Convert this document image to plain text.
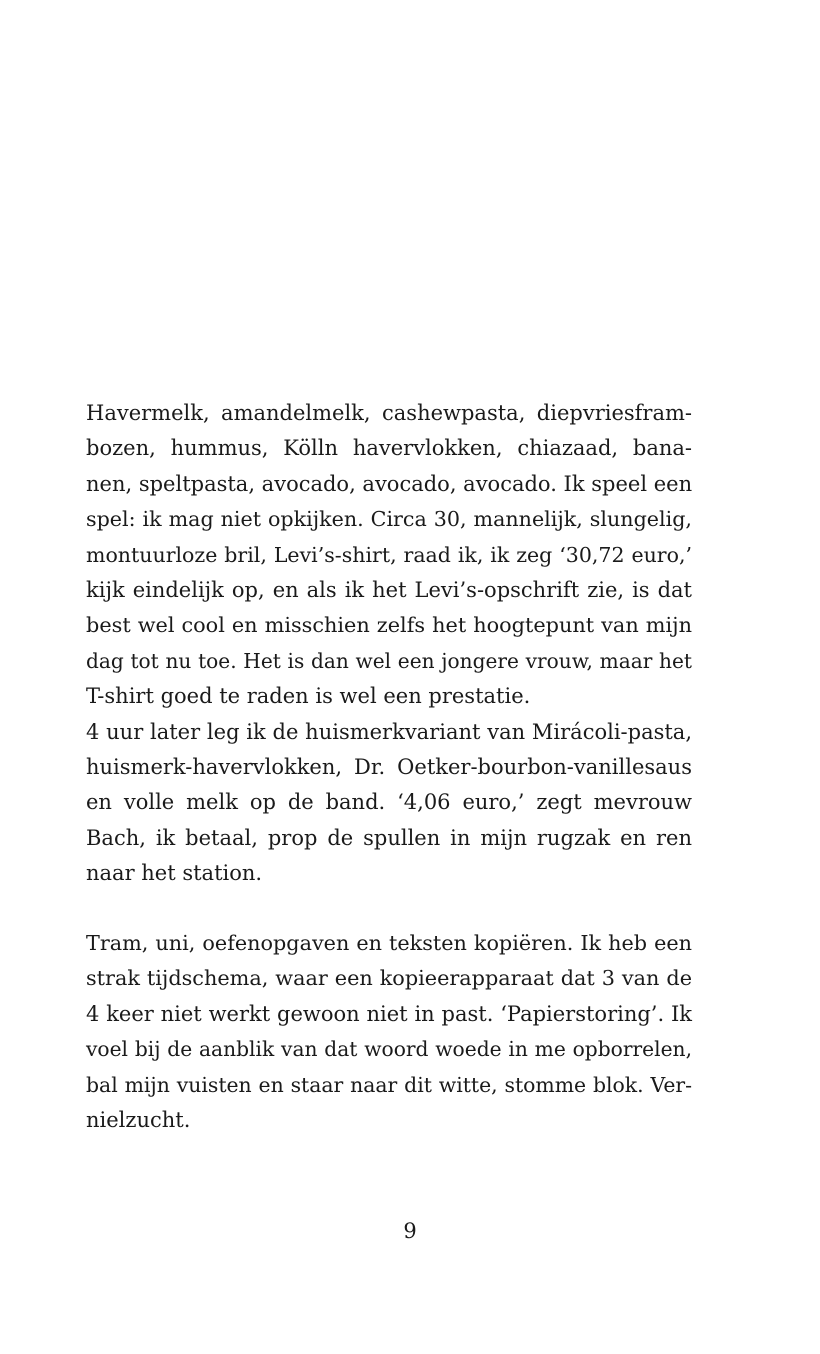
Havermelk, amandelmelk, cashewpasta, diepvriesfram-
bozen, hummus, Kölln havervlokken, chiazaad, bana-
nen, speltpasta, avocado, avocado, avocado. Ik speel een
spel: ik mag niet opkijken. Circa 30, mannelijk, slungelig,
montuurloze bril, Levi’s-shirt, raad ik, ik zeg ‘30,72 euro,’
kijk eindelijk op, en als ik het Levi’s-opschrift zie, is dat
best wel cool en misschien zelfs het hoogtepunt van mijn
dag tot nu toe. Het is dan wel een jongere vrouw, maar het
T-shirt goed te raden is wel een prestatie.
4 uur later leg ik de huismerkvariant van Mirácoli-pasta,
huismerk-havervlokken, Dr. Oetker-bourbon-vanillesaus
en volle melk op de band. ‘4,06 euro,’ zegt mevrouw
Bach, ik betaal, prop de spullen in mijn rugzak en ren
naar het station.
Tram, uni, oefenopgaven en teksten kopiëren. Ik heb een
strak tijdschema, waar een kopieerapparaat dat 3 van de
4 keer niet werkt gewoon niet in past. ‘Papierstoring’. Ik
voel bij de aanblik van dat woord woede in me opborrelen,
bal mijn vuisten en staar naar dit witte, stomme blok. Ver-
nielzucht.
9
